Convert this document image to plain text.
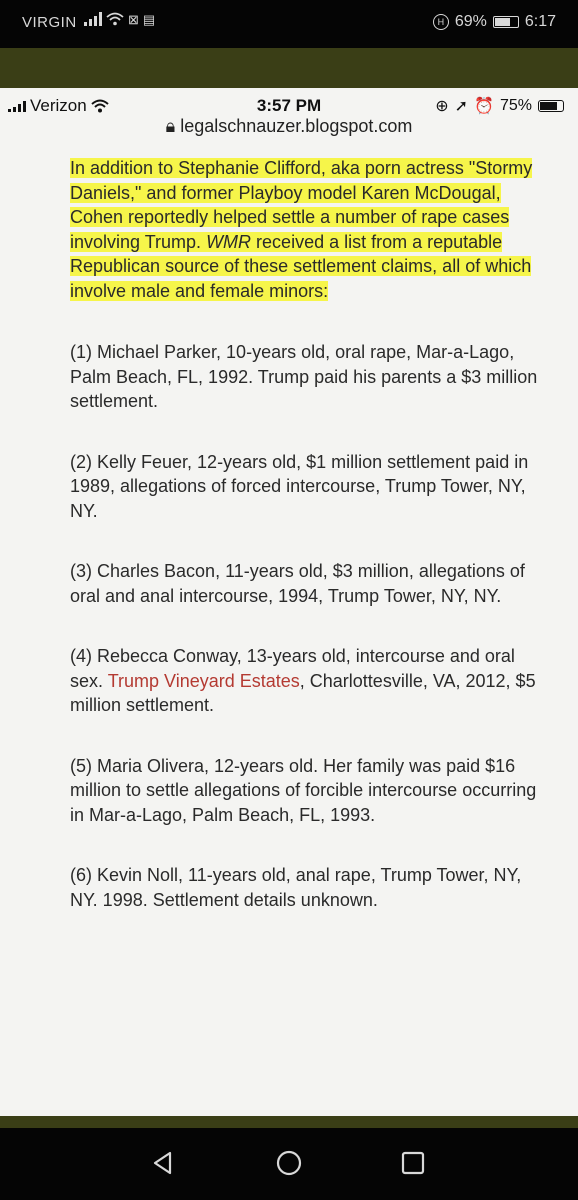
VIRGIN	⊠ ▤	H 69% 6:17
Verizon	3:57 PM	⊕ ➚ ⏰ 75%
🔒︎ legalschnauzer.blogspot.com

In addition to Stephanie Clifford, aka porn actress "Stormy Daniels," and former Playboy model Karen McDougal, Cohen reportedly helped settle a number of rape cases involving Trump. WMR received a list from a reputable Republican source of these settlement claims, all of which involve male and female minors:

(1) Michael Parker, 10-years old, oral rape, Mar-a-Lago, Palm Beach, FL, 1992. Trump paid his parents a $3 million settlement.

(2) Kelly Feuer, 12-years old, $1 million settlement paid in 1989, allegations of forced intercourse, Trump Tower, NY, NY.

(3) Charles Bacon, 11-years old, $3 million, allegations of oral and anal intercourse, 1994, Trump Tower, NY, NY.

(4) Rebecca Conway, 13-years old, intercourse and oral sex. Trump Vineyard Estates, Charlottesville, VA, 2012, $5 million settlement.

(5) Maria Olivera, 12-years old. Her family was paid $16 million to settle allegations of forcible intercourse occurring in Mar-a-Lago, Palm Beach, FL, 1993.

(6) Kevin Noll, 11-years old, anal rape, Trump Tower, NY, NY. 1998. Settlement details unknown.
